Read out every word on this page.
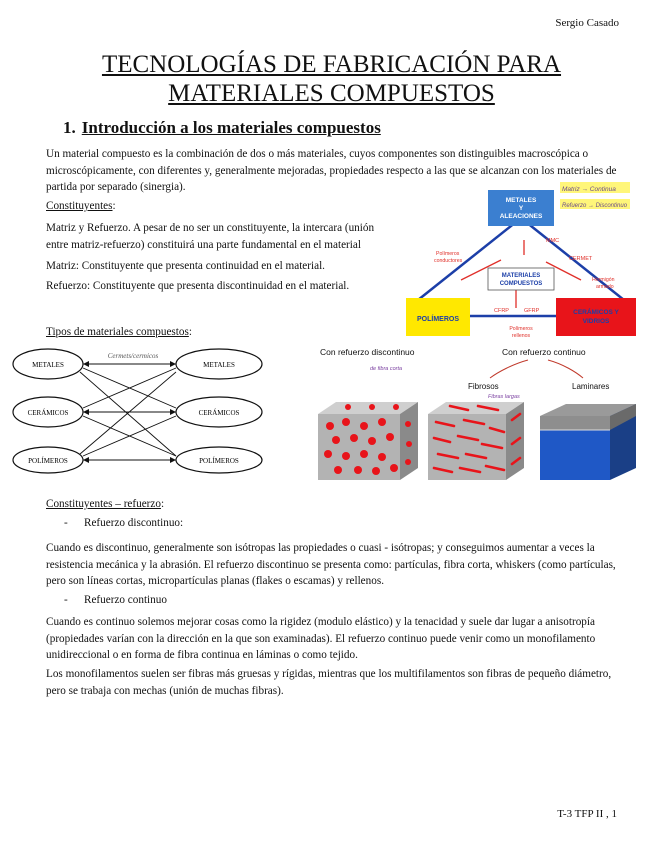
Sergio Casado
TECNOLOGÍAS DE FABRICACIÓN PARA
MATERIALES COMPUESTOS
1. Introducción a los materiales compuestos
Un material compuesto es la combinación de dos o más materiales, cuyos componentes son distinguibles macroscópica o microscópicamente, con diferentes y, generalmente mejoradas, propiedades respecto a las que se alcanzan con los materiales de partida por separado (sinergia).
Constituyentes:
Matriz y Refuerzo. A pesar de no ser un constituyente, la intercara (unión entre matriz-refuerzo) constituirá una parte fundamental en el material
Matriz: Constituyente que presenta continuidad en el material.
Refuerzo: Constituyente que presenta discontinuidad en el material.
METALES
Y
ALEACIONES
Matriz → Continua
Refuerzo → Discontinuo
MATERIALES
COMPUESTOS
MMC
CERMET
Polímeros
conductores
Hormigón
armado
CFRP	GFRP
Polímeros
rellenos
POLÍMEROS
CERÁMICOS Y
VIDRIOS
Tipos de materiales compuestos:
Cermets/cermicos
METALES
CERÁMICOS
POLÍMEROS
METALES
CERÁMICOS
POLÍMEROS
Con refuerzo discontinuo	Con refuerzo continuo
de fibra corta
Fibrosos	Laminares
Fibras largas
Constituyentes – refuerzo:
- Refuerzo discontinuo:
Cuando es discontinuo, generalmente son isótropas las propiedades o cuasi - isótropas; y conseguimos aumentar a veces la resistencia mecánica y la abrasión. El refuerzo discontinuo se presenta como: partículas, fibra corta, whiskers (como partículas, pero son líneas cortas, micropartículas planas (flakes o escamas) y rellenos.
- Refuerzo continuo
Cuando es continuo solemos mejorar cosas como la rigidez (modulo elástico) y la tenacidad y suele dar lugar a anisotropía (propiedades varían con la dirección en la que son examinadas). El refuerzo continuo puede venir como un monofilamento unidireccional o en forma de fibra continua en láminas o como tejido.
Los monofilamentos suelen ser fibras más gruesas y rígidas, mientras que los multifilamentos son fibras de pequeño diámetro, pero se trabaja con mechas (unión de muchas fibras).
T-3 TFP II , 1
